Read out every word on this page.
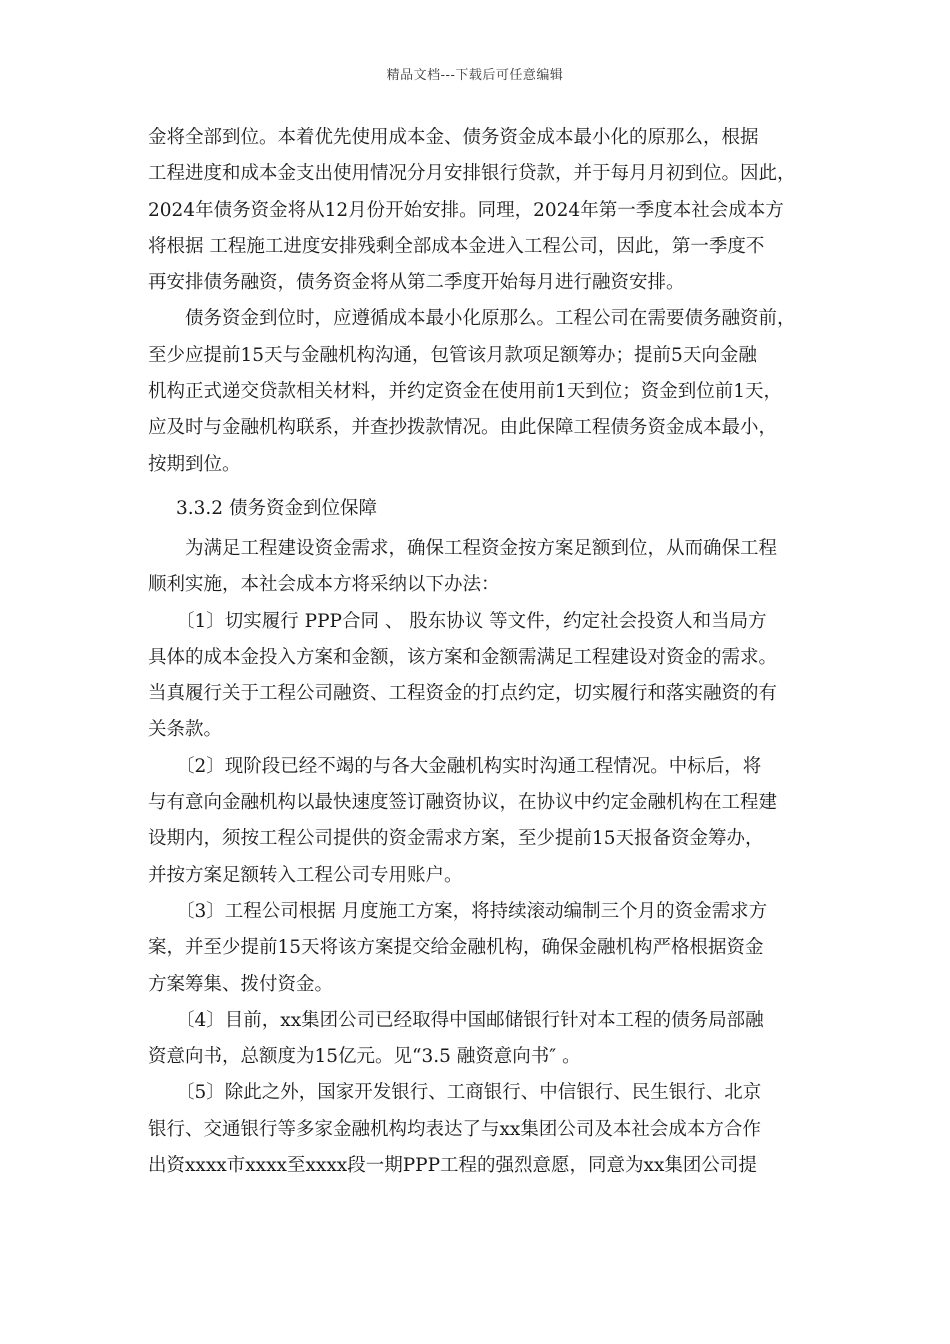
精品文档---下载后可任意编辑
金将全部到位。本着优先使用成本金、债务资金成本最小化的原那么，根据
工程进度和成本金支出使用情况分月安排银行贷款，并于每月月初到位。因此，
2024年债务资金将从12月份开始安排。同理，2024年第一季度本社会成本方
将根据 工程施工进度安排残剩全部成本金进入工程公司，因此，第一季度不
再安排债务融资，债务资金将从第二季度开始每月进行融资安排。
债务资金到位时，应遵循成本最小化原那么。工程公司在需要债务融资前，
至少应提前15天与金融机构沟通，包管该月款项足额筹办；提前5天向金融
机构正式递交贷款相关材料，并约定资金在使用前1天到位；资金到位前1天，
应及时与金融机构联系，并查抄拨款情况。由此保障工程债务资金成本最小，
按期到位。
3.3.2 债务资金到位保障
为满足工程建设资金需求，确保工程资金按方案足额到位，从而确保工程
顺利实施，本社会成本方将采纳以下办法：
〔1〕切实履行 PPP合同 、 股东协议 等文件，约定社会投资人和当局方
具体的成本金投入方案和金额，该方案和金额需满足工程建设对资金的需求。
当真履行关于工程公司融资、工程资金的打点约定，切实履行和落实融资的有
关条款。
〔2〕现阶段已经不竭的与各大金融机构实时沟通工程情况。中标后，将
与有意向金融机构以最快速度签订融资协议，在协议中约定金融机构在工程建
设期内，须按工程公司提供的资金需求方案，至少提前15天报备资金筹办，
并按方案足额转入工程公司专用账户。
〔3〕工程公司根据 月度施工方案，将持续滚动编制三个月的资金需求方
案，并至少提前15天将该方案提交给金融机构，确保金融机构严格根据资金
方案筹集、拨付资金。
〔4〕目前，xx集团公司已经取得中国邮储银行针对本工程的债务局部融
资意向书，总额度为15亿元。见“3.5 融资意向书″ 。
〔5〕除此之外，国家开发银行、工商银行、中信银行、民生银行、北京
银行、交通银行等多家金融机构均表达了与xx集团公司及本社会成本方合作
出资xxxx市xxxx至xxxx段一期PPP工程的强烈意愿，同意为xx集团公司提
